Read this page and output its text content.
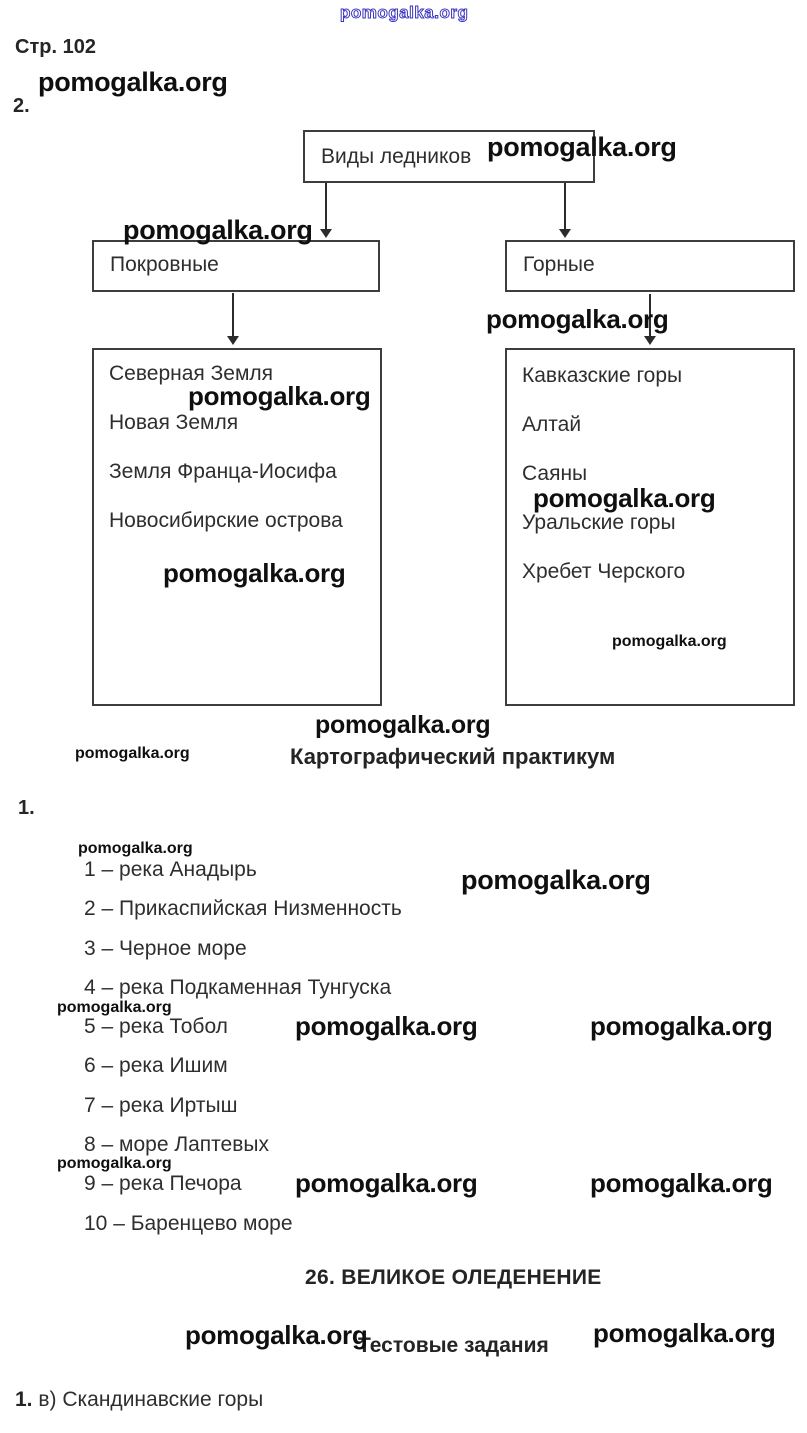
pomogalka.org
pomogalka.org
pomogalka.org
pomogalka.org
pomogalka.org
pomogalka.org
pomogalka.org
pomogalka.org
pomogalka.org
pomogalka.org
pomogalka.org
pomogalka.org
pomogalka.org
pomogalka.org
pomogalka.org	pomogalka.org
pomogalka.org
pomogalka.org	pomogalka.org
pomogalka.org	pomogalka.org
Стр. 102
2.
Виды ледников
Покровные	Горные
Северная Земля
Новая Земля
Земля Франца-Иосифа
Новосибирские острова
Кавказские горы
Алтай
Саяны
Уральские горы
Хребет Черского
Картографический практикум
1.
1 – река Анадырь
2 – Прикаспийская Низменность
3 – Черное море
4 – река Подкаменная Тунгуска
5 – река Тобол
6 – река Ишим
7 – река Иртыш
8 – море Лаптевых
9 – река Печора
10 – Баренцево море
26. ВЕЛИКОЕ ОЛЕДЕНЕНИЕ
Тестовые задания
1. в) Скандинавские горы
